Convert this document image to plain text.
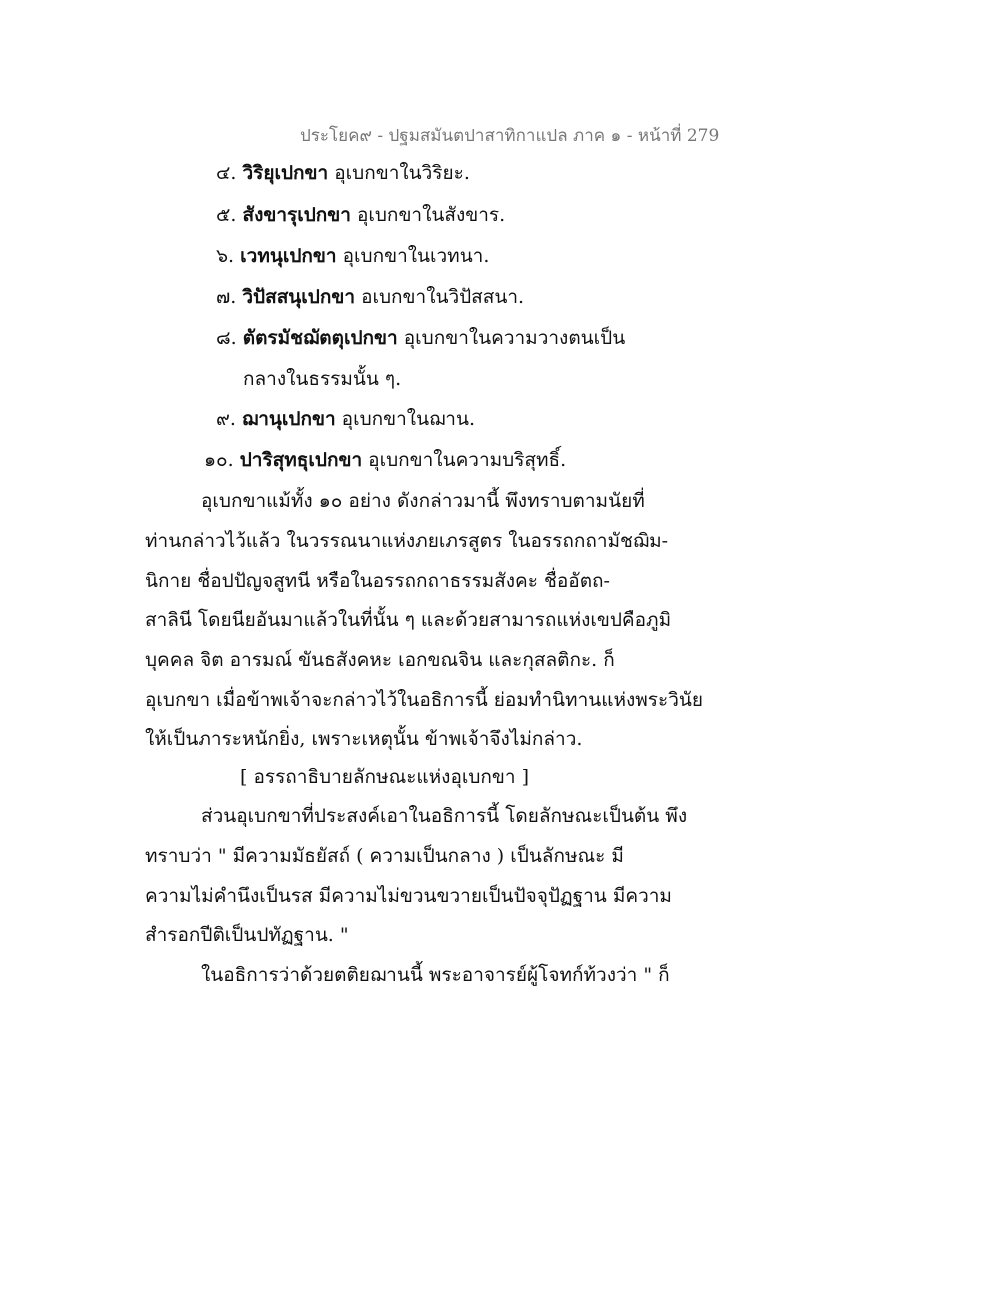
ประโยค๙ - ปฐมสมันตปาสาทิกาแปล ภาค ๑ - หน้าที่ 279
๔. วิริยุเปกขา อุเบกขาในวิริยะ.
๕. สังขารุเปกขา อุเบกขาในสังขาร.
๖. เวทนุเปกขา อุเบกขาในเวทนา.
๗. วิปัสสนุเปกขา อเบกขาในวิปัสสนา.
๘. ตัตรมัชฌัตตุเปกขา อุเบกขาในความวางตนเป็น
กลางในธรรมนั้น ๆ.
๙. ฌานุเปกขา อุเบกขาในฌาน.
๑๐. ปาริสุทธุเปกขา อุเบกขาในความบริสุทธิ์.
อุเบกขาแม้ทั้ง ๑๐ อย่าง ดังกล่าวมานี้ พึงทราบตามนัยที่
ท่านกล่าวไว้แล้ว ในวรรณนาแห่งภยเภรสูตร ในอรรถกถามัชฌิม-
นิกาย ชื่อปปัญจสูทนี หรือในอรรถกถาธรรมสังคะ ชื่ออัตถ-
สาลินี โดยนียอันมาแล้วในที่นั้น ๆ และด้วยสามารถแห่งเขปคือภูมิ
บุคคล จิต อารมณ์ ขันธสังคหะ เอกขณจิน และกุสลติกะ. ก็
อุเบกขา เมื่อข้าพเจ้าจะกล่าวไว้ในอธิการนี้ ย่อมทำนิทานแห่งพระวินัย
ให้เป็นภาระหนักยิ่ง, เพราะเหตุนั้น ข้าพเจ้าจึงไม่กล่าว.
[ อรรถาธิบายลักษณะแห่งอุเบกขา ]
ส่วนอุเบกขาที่ประสงค์เอาในอธิการนี้ โดยลักษณะเป็นต้น พึง
ทราบว่า " มีความมัธยัสถ์ ( ความเป็นกลาง ) เป็นลักษณะ มี
ความไม่คำนึงเป็นรส มีความไม่ขวนขวายเป็นปัจจุปัฏฐาน มีความ
สำรอกปีติเป็นปทัฏฐาน. "
ในอธิการว่าด้วยตติยฌานนี้ พระอาจารย์ผู้โจทก์ท้วงว่า " ก็
